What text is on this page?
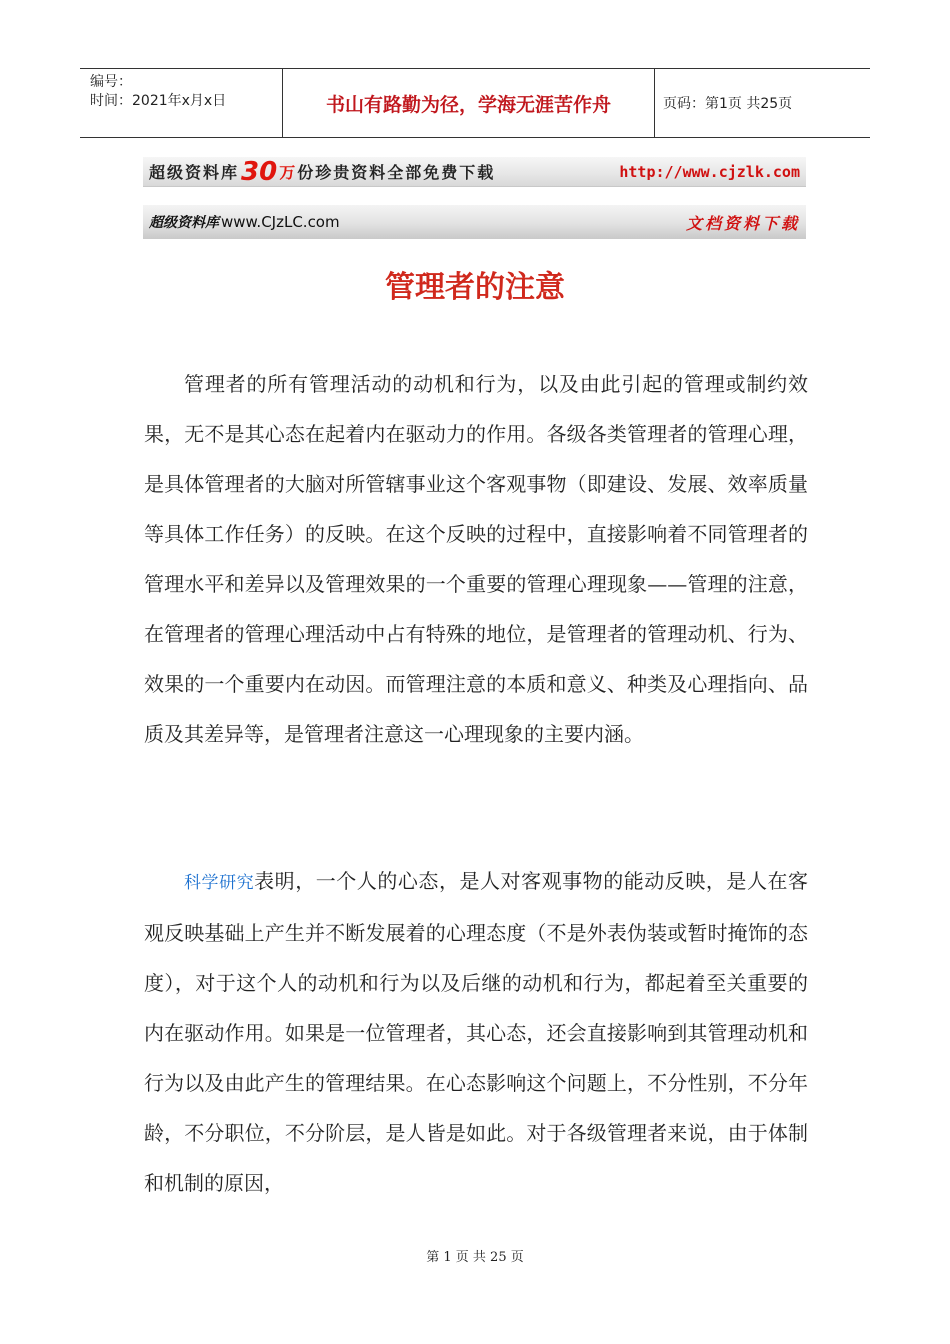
编号：
时间：2021年x月x日	书山有路勤为径，学海无涯苦作舟	页码：第1页 共25页
超级资料库 30 万 份珍贵资料全部免费下载	http://www.cjzlk.com
超级资料库 www.CJzLC.com	文档资料下载
管理者的注意

管理者的所有管理活动的动机和行为，以及由此引起的管理或制约效果，无不是其心态在起着内在驱动力的作用。各级各类管理者的管理心理，是具体管理者的大脑对所管辖事业这个客观事物（即建设、发展、效率质量等具体工作任务）的反映。在这个反映的过程中，直接影响着不同管理者的管理水平和差异以及管理效果的一个重要的管理心理现象——管理的注意，在管理者的管理心理活动中占有特殊的地位，是管理者的管理动机、行为、效果的一个重要内在动因。而管理注意的本质和意义、种类及心理指向、品质及其差异等，是管理者注意这一心理现象的主要内涵。

科学研究表明，一个人的心态，是人对客观事物的能动反映，是人在客观反映基础上产生并不断发展着的心理态度（不是外表伪装或暂时掩饰的态度），对于这个人的动机和行为以及后继的动机和行为，都起着至关重要的内在驱动作用。如果是一位管理者，其心态，还会直接影响到其管理动机和行为以及由此产生的管理结果。在心态影响这个问题上，不分性别，不分年龄，不分职位，不分阶层，是人皆是如此。对于各级管理者来说，由于体制和机制的原因，

第 1 页 共 25 页
